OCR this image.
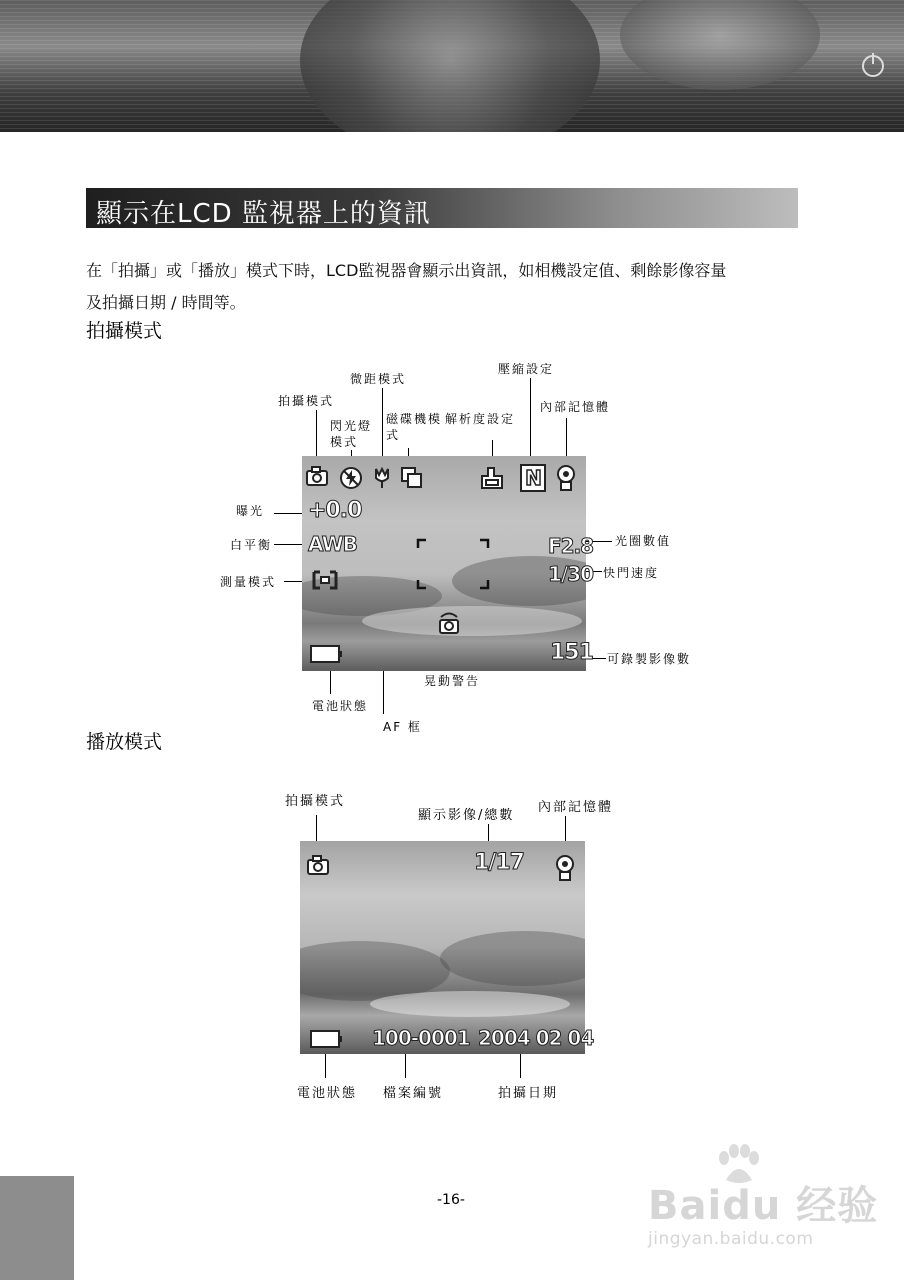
顯示在LCD 監視器上的資訊
在「拍攝」或「播放」模式下時，LCD監視器會顯示出資訊，如相機設定值、剩餘影像容量
及拍攝日期 / 時間等。
拍攝模式
微距模式
壓縮設定
拍攝模式	內部記憶體
閃光燈
模式
磁碟機模
式
解析度設定
曝光
白平衡
測量模式
光圈數值
快門速度
可錄製影像數
晃動警告
電池狀態
AF 框
N
+0.0
AWB	F2.8
1/30
151
播放模式
拍攝模式
顯示影像/總數
內部記憶體
電池狀態 檔案編號	拍攝日期
1/17
100-0001 2004 02 04
-16-	Baidu 经验
jingyan.baidu.com
